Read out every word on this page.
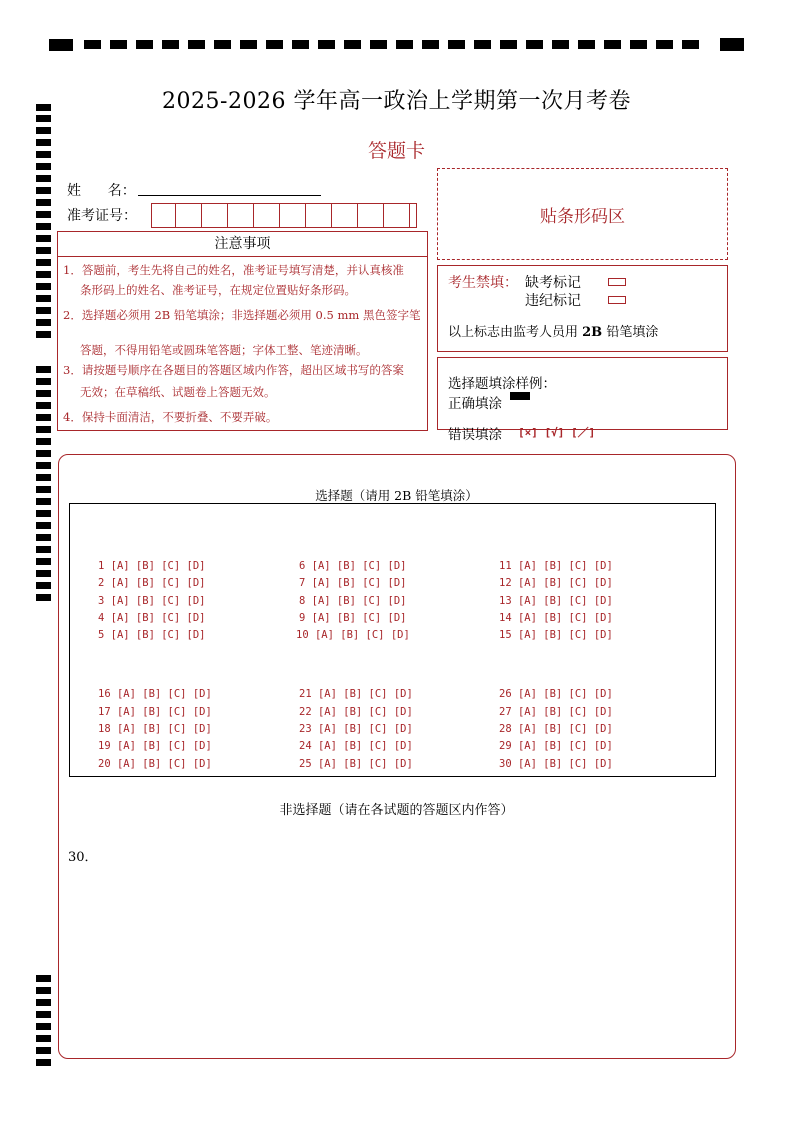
2025-2026 学年高一政治上学期第一次月考卷
答题卡
姓      名：
准考证号：	贴条形码区
注意事项
1．答题前，考生先将自己的姓名，准考证号填写清楚，并认真核准
条形码上的姓名、准考证号，在规定位置贴好条形码。
2．选择题必须用 2B 铅笔填涂；非选择题必须用 0.5 mm 黑色签字笔
答题，不得用铅笔或圆珠笔答题；字体工整、笔迹清晰。
3．请按题号顺序在各题目的答题区域内作答，超出区域书写的答案
无效；在草稿纸、试题卷上答题无效。
4．保持卡面清洁，不要折叠、不要弄破。
考生禁填： 缺考标记
违纪标记
以上标志由监考人员用 2B 铅笔填涂
选择题填涂样例：
正确填涂
错误填涂 [×] [√] [／]
选择题（请用 2B 铅笔填涂）
1 [A] [B] [C] [D]	6 [A] [B] [C] [D]	11 [A] [B] [C] [D]
2 [A] [B] [C] [D]	7 [A] [B] [C] [D]	12 [A] [B] [C] [D]
3 [A] [B] [C] [D]	8 [A] [B] [C] [D]	13 [A] [B] [C] [D]
4 [A] [B] [C] [D]	9 [A] [B] [C] [D]	14 [A] [B] [C] [D]
5 [A] [B] [C] [D]	10 [A] [B] [C] [D]	15 [A] [B] [C] [D]
16 [A] [B] [C] [D]	21 [A] [B] [C] [D]	26 [A] [B] [C] [D]
17 [A] [B] [C] [D]	22 [A] [B] [C] [D]	27 [A] [B] [C] [D]
18 [A] [B] [C] [D]	23 [A] [B] [C] [D]	28 [A] [B] [C] [D]
19 [A] [B] [C] [D]	24 [A] [B] [C] [D]	29 [A] [B] [C] [D]
20 [A] [B] [C] [D]	25 [A] [B] [C] [D]	30 [A] [B] [C] [D]
非选择题（请在各试题的答题区内作答）
30．
